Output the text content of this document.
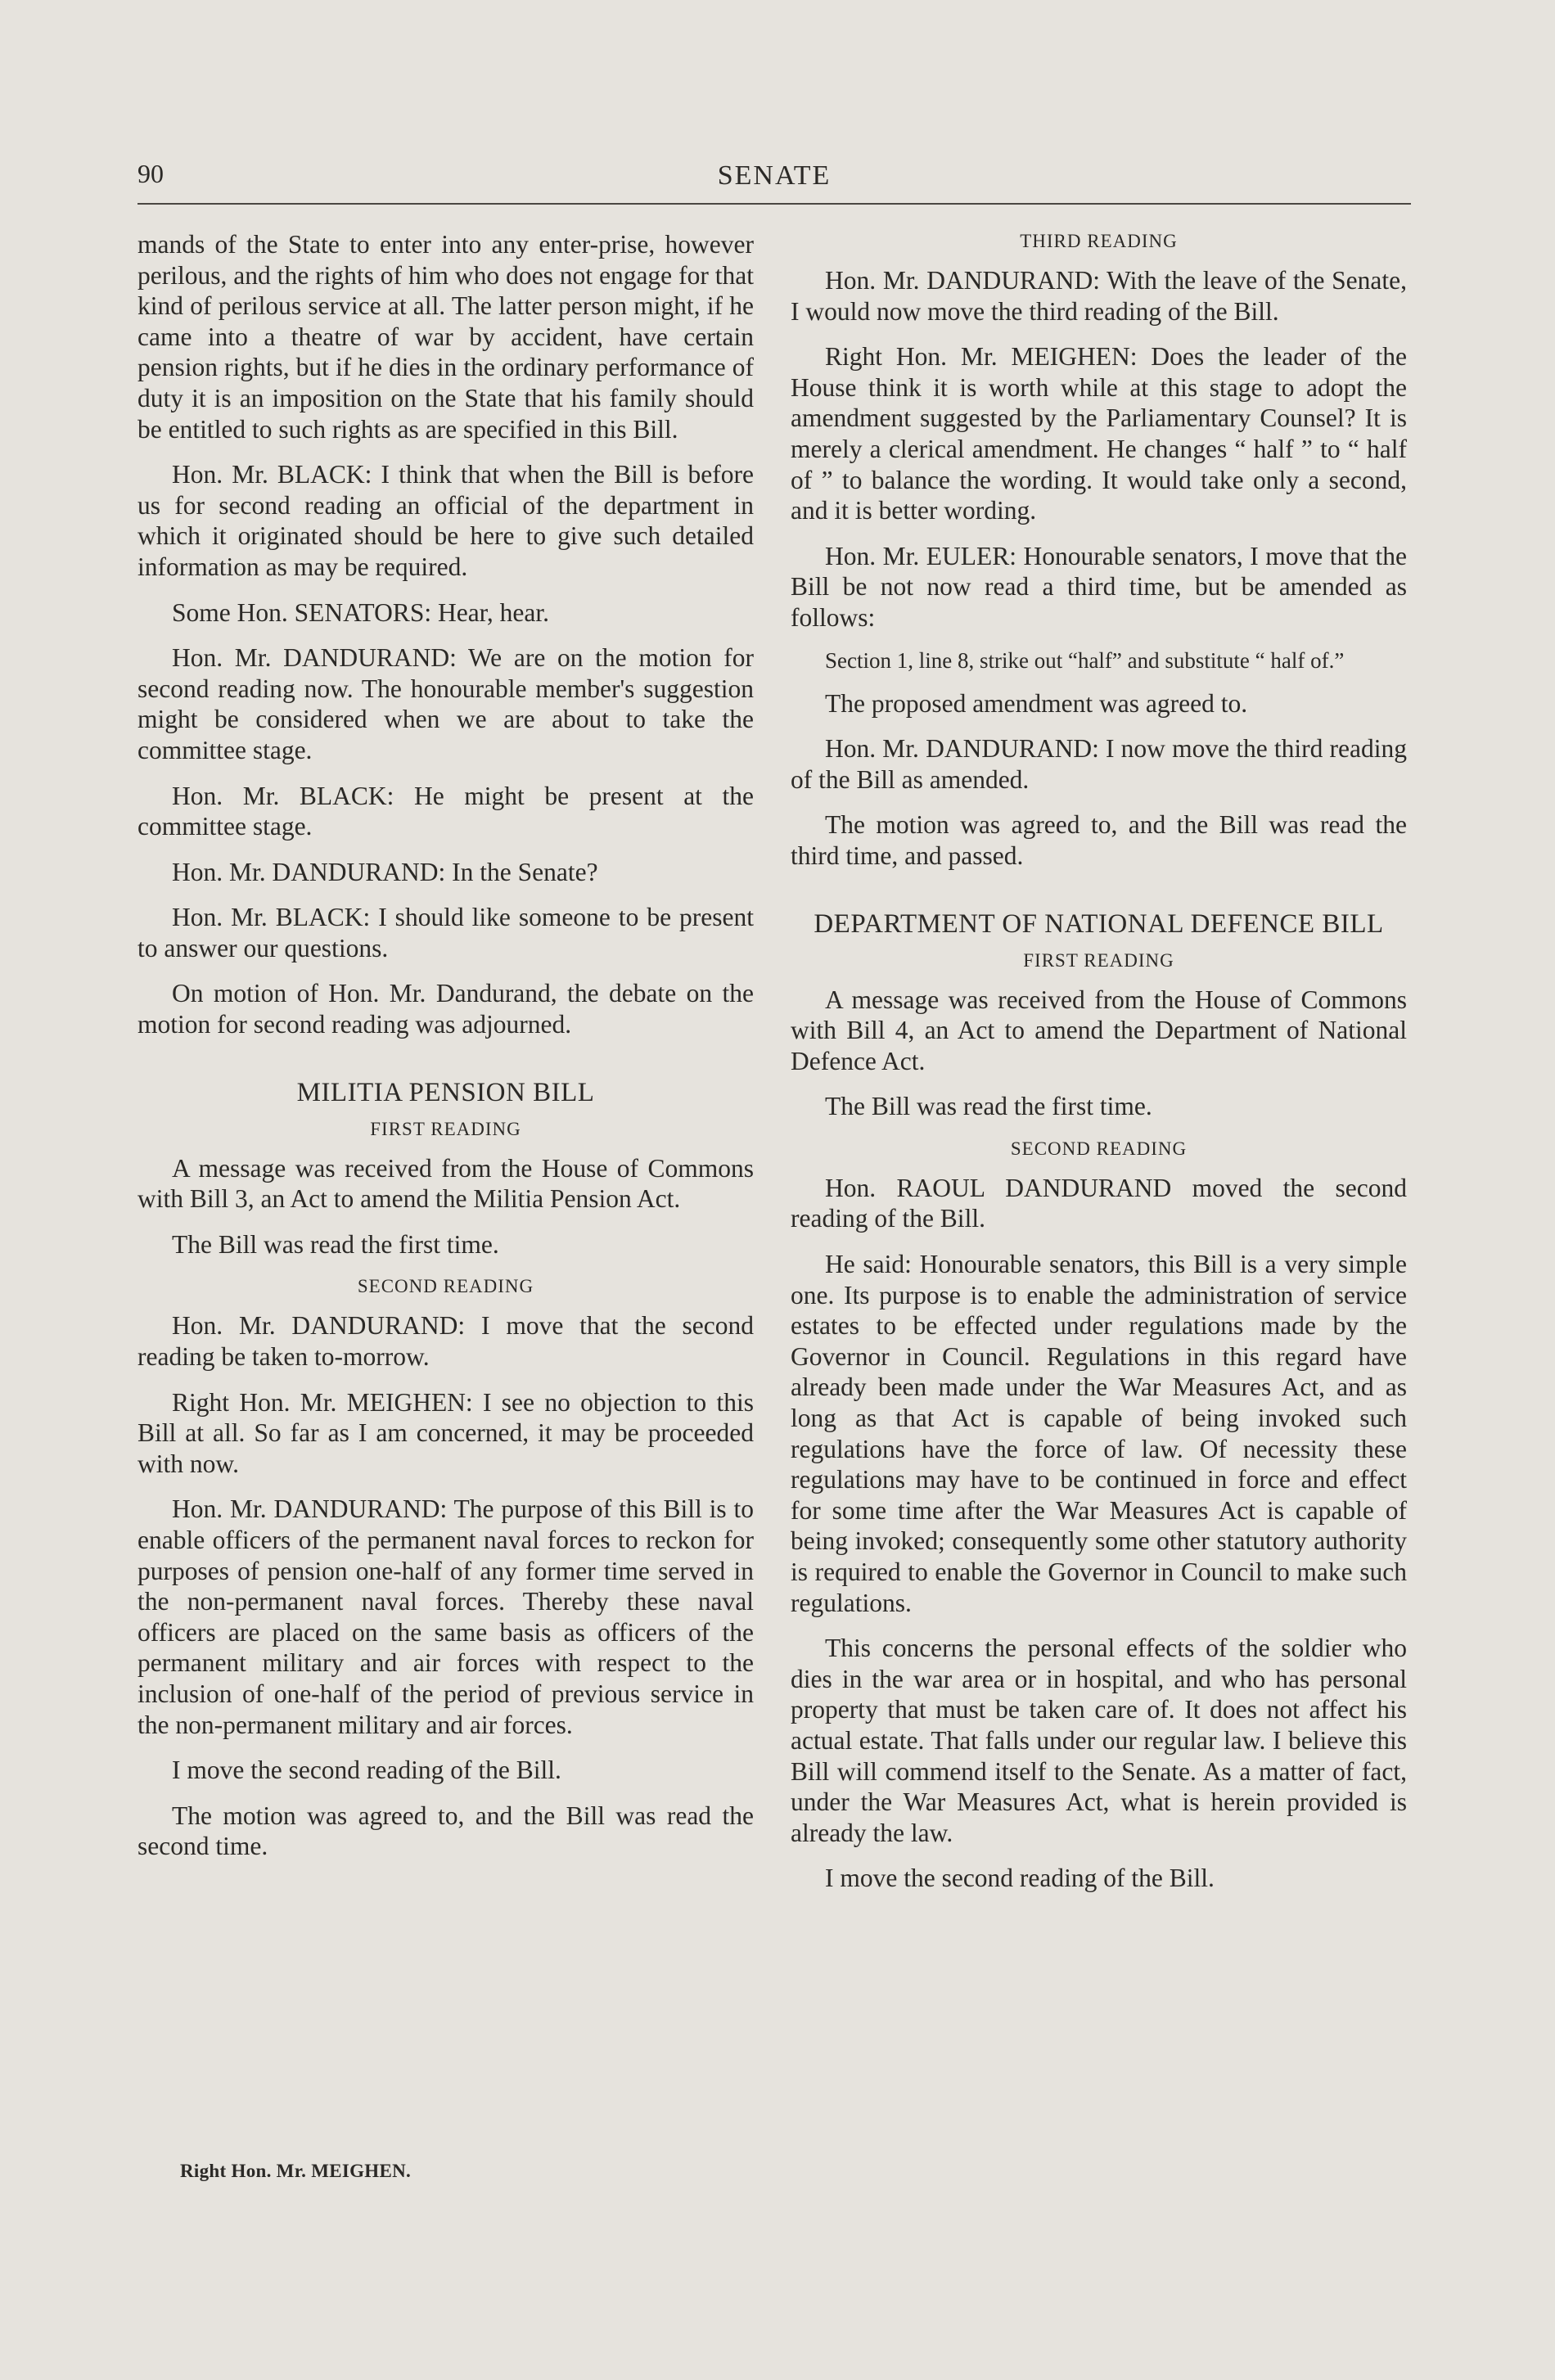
90	SENATE

mands of the State to enter into any enter-prise, however perilous, and the rights of him who does not engage for that kind of perilous service at all. The latter person might, if he came into a theatre of war by accident, have certain pension rights, but if he dies in the ordinary performance of duty it is an imposition on the State that his family should be entitled to such rights as are specified in this Bill.

Hon. Mr. BLACK: I think that when the Bill is before us for second reading an official of the department in which it originated should be here to give such detailed information as may be required.

Some Hon. SENATORS: Hear, hear.

Hon. Mr. DANDURAND: We are on the motion for second reading now. The honourable member's suggestion might be considered when we are about to take the committee stage.

Hon. Mr. BLACK: He might be present at the committee stage.

Hon. Mr. DANDURAND: In the Senate?

Hon. Mr. BLACK: I should like someone to be present to answer our questions.

On motion of Hon. Mr. Dandurand, the debate on the motion for second reading was adjourned.

MILITIA PENSION BILL
FIRST READING

A message was received from the House of Commons with Bill 3, an Act to amend the Militia Pension Act.

The Bill was read the first time.

SECOND READING

Hon. Mr. DANDURAND: I move that the second reading be taken to-morrow.

Right Hon. Mr. MEIGHEN: I see no objection to this Bill at all. So far as I am concerned, it may be proceeded with now.

Hon. Mr. DANDURAND: The purpose of this Bill is to enable officers of the permanent naval forces to reckon for purposes of pension one-half of any former time served in the non-permanent naval forces. Thereby these naval officers are placed on the same basis as officers of the permanent military and air forces with respect to the inclusion of one-half of the period of previous service in the non-permanent military and air forces.

I move the second reading of the Bill.

The motion was agreed to, and the Bill was read the second time.

THIRD READING

Hon. Mr. DANDURAND: With the leave of the Senate, I would now move the third reading of the Bill.

Right Hon. Mr. MEIGHEN: Does the leader of the House think it is worth while at this stage to adopt the amendment suggested by the Parliamentary Counsel? It is merely a clerical amendment. He changes “ half ” to “ half of ” to balance the wording. It would take only a second, and it is better wording.

Hon. Mr. EULER: Honourable senators, I move that the Bill be not now read a third time, but be amended as follows:

Section 1, line 8, strike out “half” and substitute “ half of.”

The proposed amendment was agreed to.

Hon. Mr. DANDURAND: I now move the third reading of the Bill as amended.

The motion was agreed to, and the Bill was read the third time, and passed.

DEPARTMENT OF NATIONAL DEFENCE BILL
FIRST READING

A message was received from the House of Commons with Bill 4, an Act to amend the Department of National Defence Act.

The Bill was read the first time.

SECOND READING

Hon. RAOUL DANDURAND moved the second reading of the Bill.

He said: Honourable senators, this Bill is a very simple one. Its purpose is to enable the administration of service estates to be effected under regulations made by the Governor in Council. Regulations in this regard have already been made under the War Measures Act, and as long as that Act is capable of being invoked such regulations have the force of law. Of necessity these regulations may have to be continued in force and effect for some time after the War Measures Act is capable of being invoked; consequently some other statutory authority is required to enable the Governor in Council to make such regulations.

This concerns the personal effects of the soldier who dies in the war area or in hospital, and who has personal property that must be taken care of. It does not affect his actual estate. That falls under our regular law. I believe this Bill will commend itself to the Senate. As a matter of fact, under the War Measures Act, what is herein provided is already the law.

I move the second reading of the Bill.

Right Hon. Mr. MEIGHEN.
